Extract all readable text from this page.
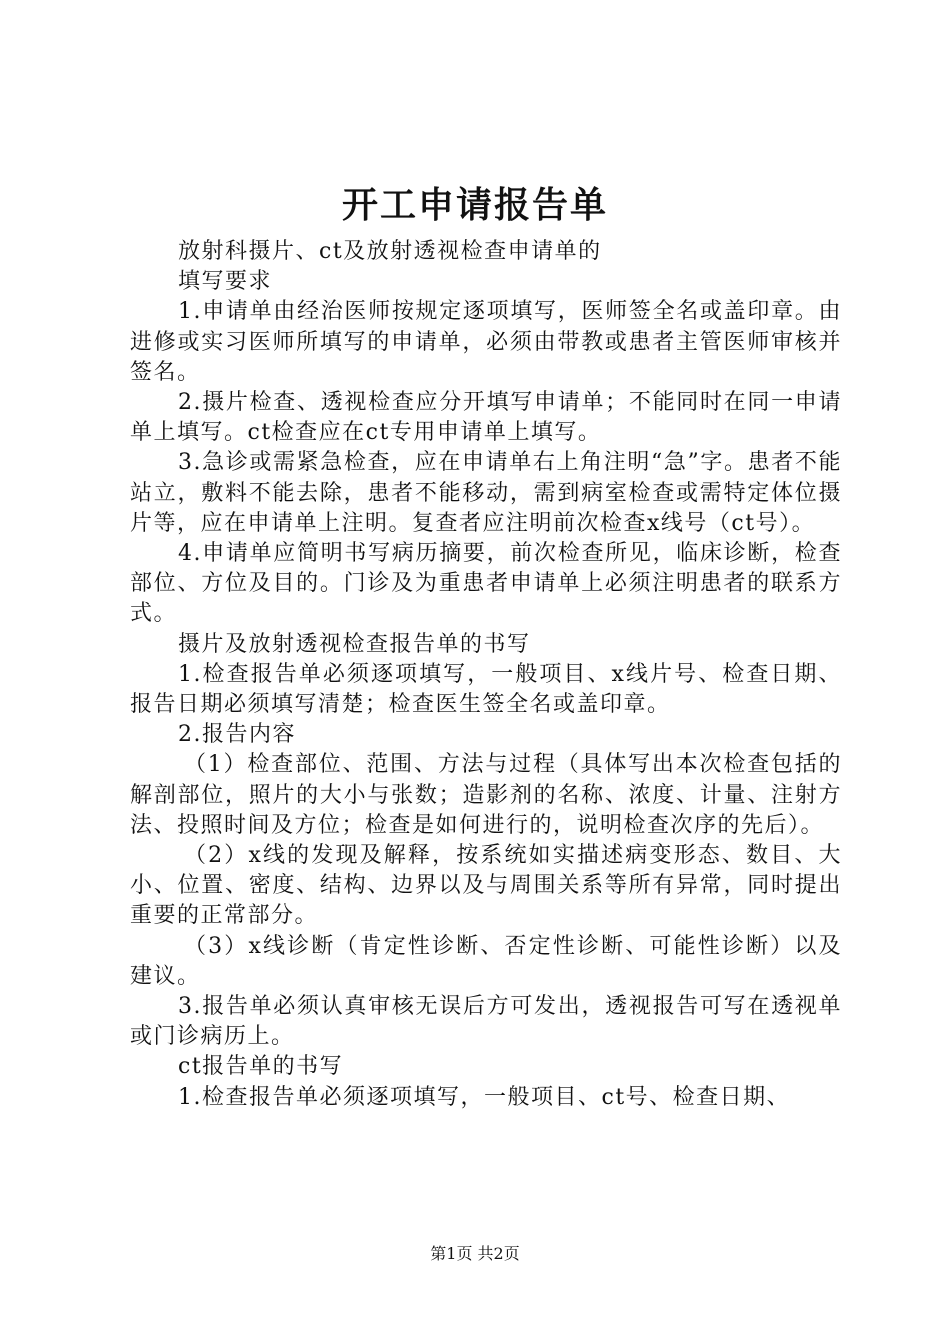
开工申请报告单

放射科摄片、ct及放射透视检查申请单的

填写要求

1.申请单由经治医师按规定逐项填写，医师签全名或盖印章。由进修或实习医师所填写的申请单，必须由带教或患者主管医师审核并签名。

2.摄片检查、透视检查应分开填写申请单；不能同时在同一申请单上填写。ct检查应在ct专用申请单上填写。

3.急诊或需紧急检查，应在申请单右上角注明“急”字。患者不能站立，敷料不能去除，患者不能移动，需到病室检查或需特定体位摄片等，应在申请单上注明。复查者应注明前次检查x线号（ct号）。

4.申请单应简明书写病历摘要，前次检查所见，临床诊断，检查部位、方位及目的。门诊及为重患者申请单上必须注明患者的联系方式。

摄片及放射透视检查报告单的书写

1.检查报告单必须逐项填写，一般项目、x线片号、检查日期、报告日期必须填写清楚；检查医生签全名或盖印章。

2.报告内容

（1）检查部位、范围、方法与过程（具体写出本次检查包括的解剖部位，照片的大小与张数；造影剂的名称、浓度、计量、注射方法、投照时间及方位；检查是如何进行的，说明检查次序的先后）。

（2）x线的发现及解释，按系统如实描述病变形态、数目、大小、位置、密度、结构、边界以及与周围关系等所有异常，同时提出重要的正常部分。

（3）x线诊断（肯定性诊断、否定性诊断、可能性诊断）以及建议。

3.报告单必须认真审核无误后方可发出，透视报告可写在透视单或门诊病历上。

ct报告单的书写

1.检查报告单必须逐项填写，一般项目、ct号、检查日期、

第1页 共2页
